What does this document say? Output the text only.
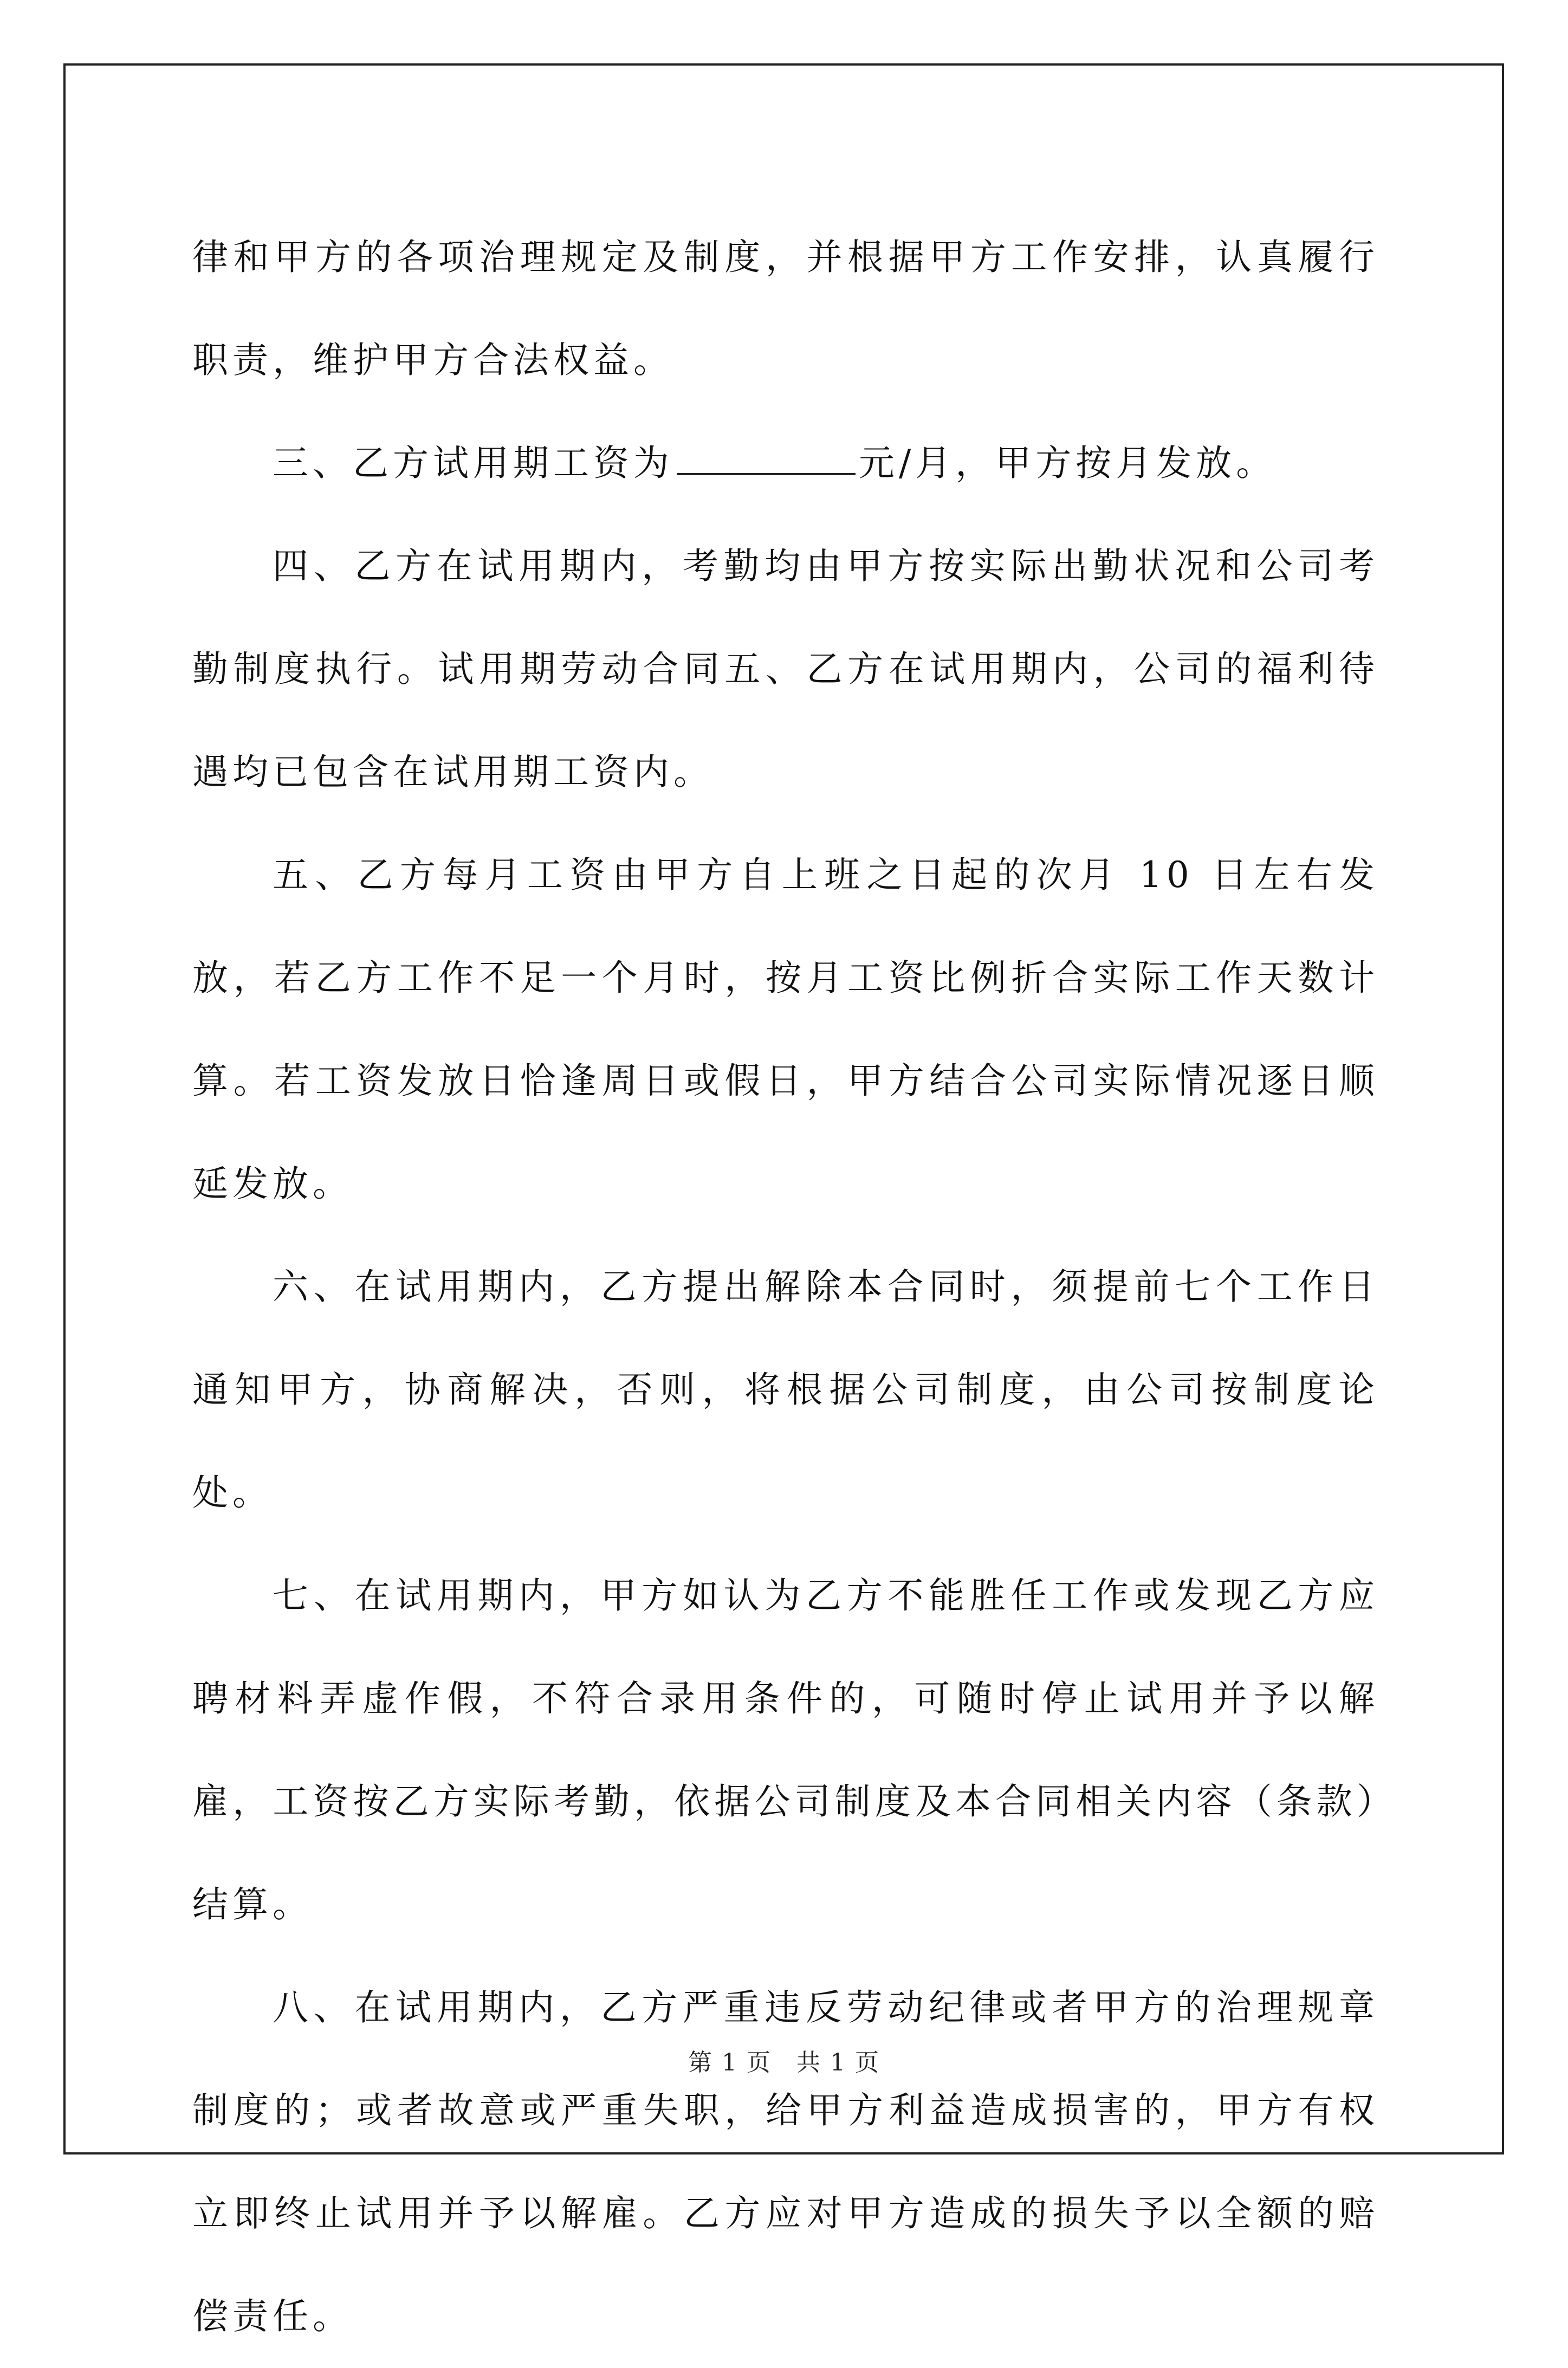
律和甲方的各项治理规定及制度，并根据甲方工作安排，认真履行职责，维护甲方合法权益。

三、乙方试用期工资为	元/月，甲方按月发放。

四、乙方在试用期内，考勤均由甲方按实际出勤状况和公司考勤制度执行。试用期劳动合同五、乙方在试用期内，公司的福利待遇均已包含在试用期工资内。

五、乙方每月工资由甲方自上班之日起的次月 10 日左右发放，若乙方工作不足一个月时，按月工资比例折合实际工作天数计算。若工资发放日恰逢周日或假日，甲方结合公司实际情况逐日顺延发放。

六、在试用期内，乙方提出解除本合同时，须提前七个工作日通知甲方，协商解决，否则，将根据公司制度，由公司按制度论处。

七、在试用期内，甲方如认为乙方不能胜任工作或发现乙方应聘材料弄虚作假，不符合录用条件的，可随时停止试用并予以解雇，工资按乙方实际考勤，依据公司制度及本合同相关内容（条款）结算。

八、在试用期内，乙方严重违反劳动纪律或者甲方的治理规章制度的；或者故意或严重失职，给甲方利益造成损害的，甲方有权立即终止试用并予以解雇。乙方应对甲方造成的损失予以全额的赔偿责任。

第 1 页　共 1 页
